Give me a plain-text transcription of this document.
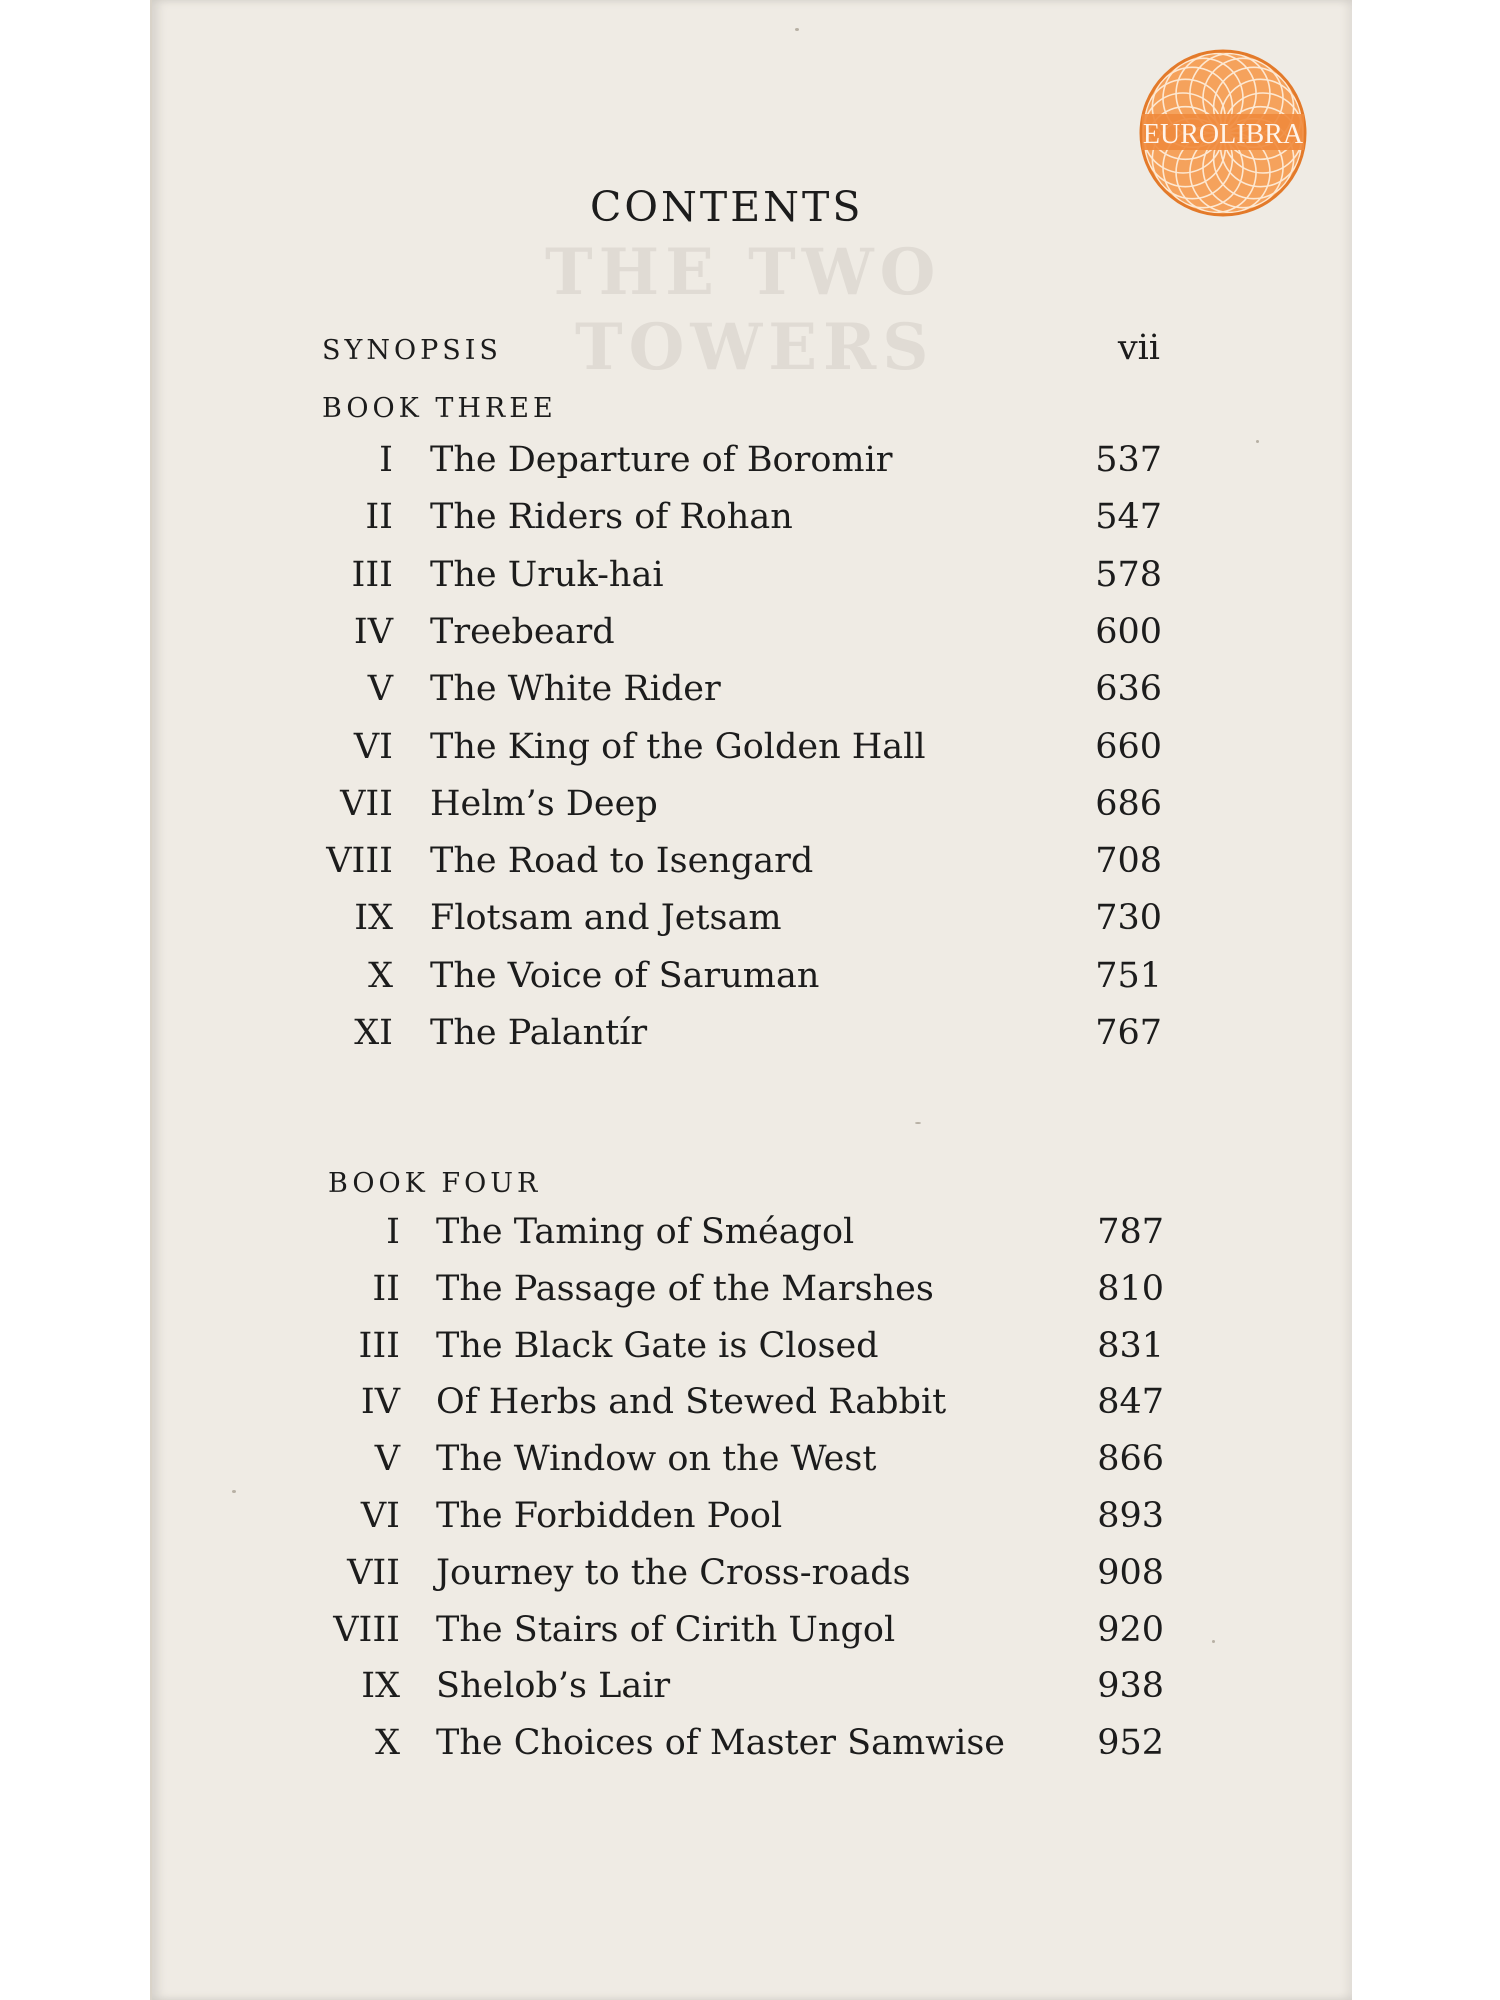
THE TWO
TOWERS
EUROLIBRA
CONTENTS
SYNOPSIS	vii
BOOK THREE
I The Departure of Boromir	537
II The Riders of Rohan	547
III The Uruk-hai	578
IV Treebeard	600
V The White Rider	636
VI The King of the Golden Hall	660
VII Helm’s Deep	686
VIII The Road to Isengard	708
IX Flotsam and Jetsam	730
X The Voice of Saruman	751
XI The Palantír	767
BOOK FOUR
I The Taming of Sméagol	787
II The Passage of the Marshes	810
III The Black Gate is Closed	831
IV Of Herbs and Stewed Rabbit	847
V The Window on the West	866
VI The Forbidden Pool	893
VII Journey to the Cross-roads	908
VIII The Stairs of Cirith Ungol	920
IX Shelob’s Lair	938
X The Choices of Master Samwise	952
